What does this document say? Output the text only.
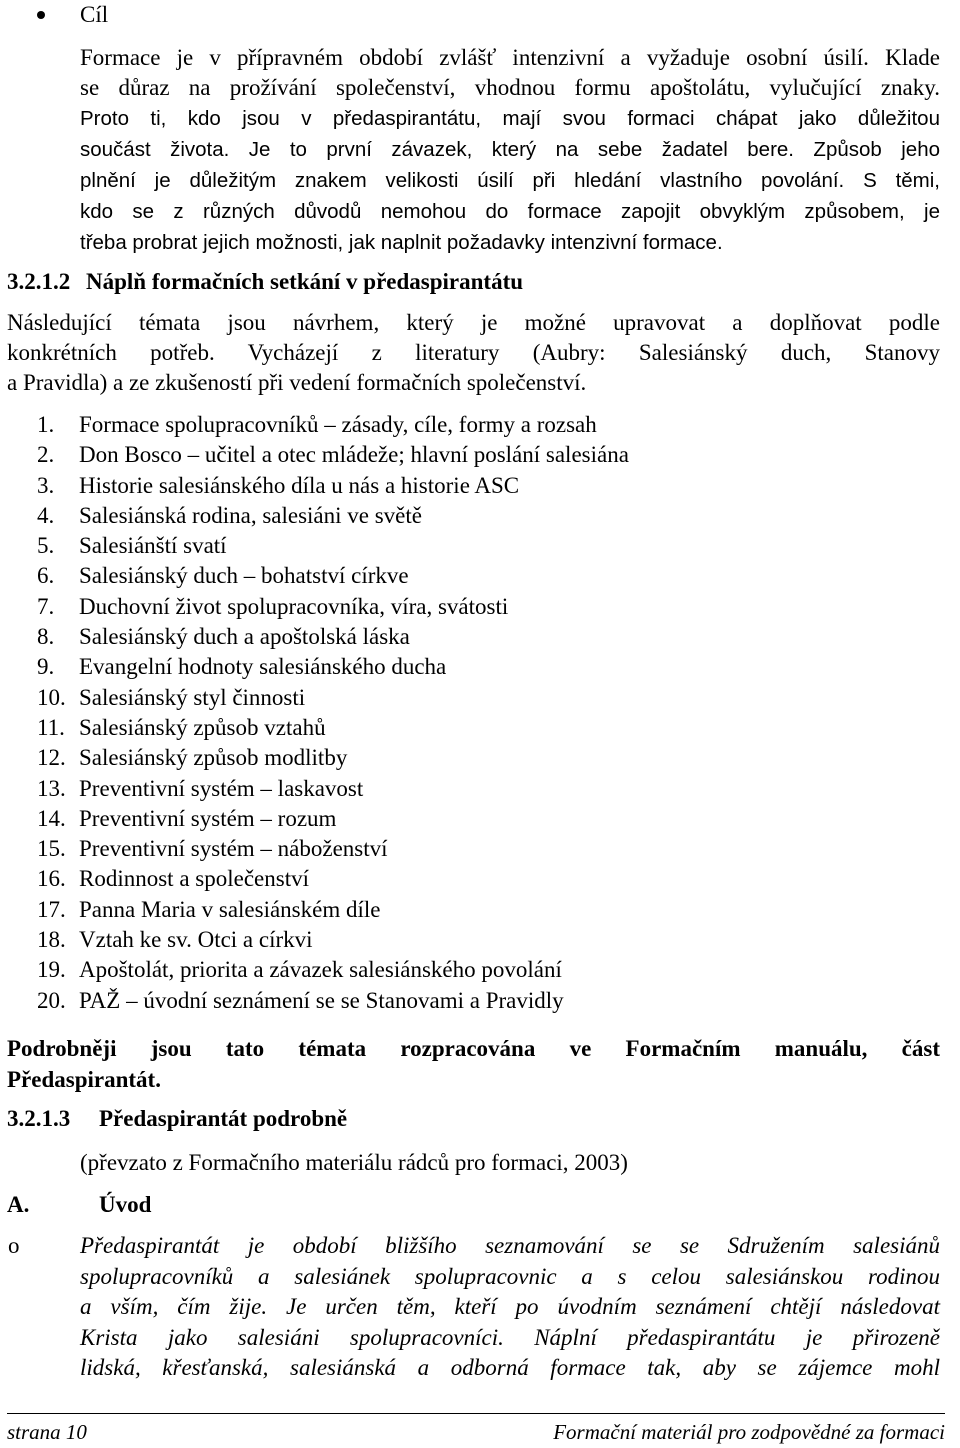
Cíl
Formace je v přípravném období zvlášť intenzivní a vyžaduje osobní úsilí. Klade
se důraz na prožívání společenství, vhodnou formu apoštolátu, vylučující znaky.
Proto ti, kdo jsou v předaspirantátu, mají svou formaci chápat jako důležitou
součást života. Je to první závazek, který na sebe žadatel bere. Způsob jeho
plnění je důležitým znakem velikosti úsilí při hledání vlastního povolání. S těmi,
kdo se z různých důvodů nemohou do formace zapojit obvyklým způsobem, je
třeba probrat jejich možnosti, jak naplnit požadavky intenzivní formace.
3.2.1.2 Náplň formačních setkání v předaspirantátu
Následující témata jsou návrhem, který je možné upravovat a doplňovat podle
konkrétních potřeb. Vycházejí z literatury (Aubry: Salesiánský duch, Stanovy
a Pravidla) a ze zkušeností při vedení formačních společenství.
1. Formace spolupracovníků – zásady, cíle, formy a rozsah
2. Don Bosco – učitel a otec mládeže; hlavní poslání salesiána
3. Historie salesiánského díla u nás a historie ASC
4. Salesiánská rodina, salesiáni ve světě
5. Salesiánští svatí
6. Salesiánský duch – bohatství církve
7. Duchovní život spolupracovníka, víra, svátosti
8. Salesiánský duch a apoštolská láska
9. Evangelní hodnoty salesiánského ducha
10. Salesiánský styl činnosti
11. Salesiánský způsob vztahů
12. Salesiánský způsob modlitby
13. Preventivní systém – laskavost
14. Preventivní systém – rozum
15. Preventivní systém – náboženství
16. Rodinnost a společenství
17. Panna Maria v salesiánském díle
18. Vztah ke sv. Otci a církvi
19. Apoštolát, priorita a závazek salesiánského povolání
20. PAŽ – úvodní seznámení se se Stanovami a Pravidly
Podrobněji jsou tato témata rozpracována ve Formačním manuálu, část
Předaspirantát.
3.2.1.3 Předaspirantát podrobně
(převzato z Formačního materiálu rádců pro formaci, 2003)
A.	Úvod
o	Předaspirantát je období bližšího seznamování se se Sdružením salesiánů
spolupracovníků a salesiánek spolupracovnic a s celou salesiánskou rodinou
a vším, čím žije. Je určen těm, kteří po úvodním seznámení chtějí následovat
Krista jako salesiáni spolupracovníci. Náplní předaspirantátu je přirozeně
lidská, křesťanská, salesiánská a odborná formace tak, aby se zájemce mohl
strana 10	Formační materiál pro zodpovědné za formaci
